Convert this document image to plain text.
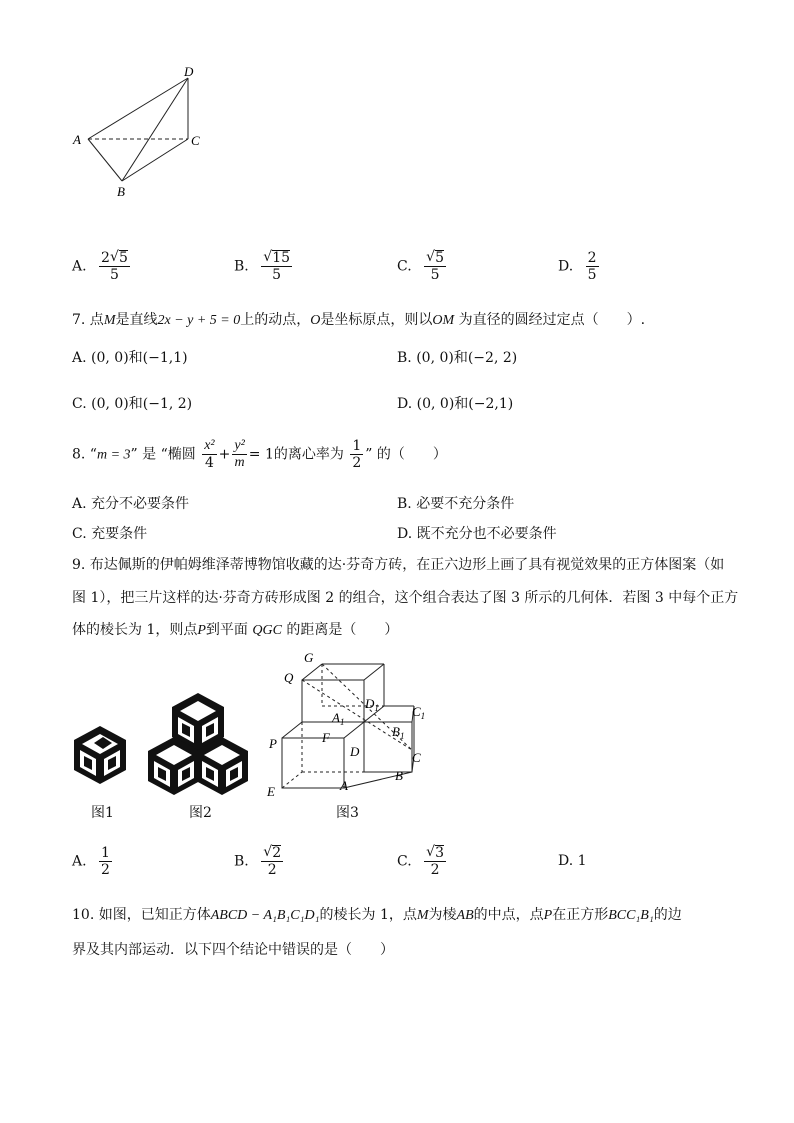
D
A	C
B
A. $\frac{2 √ 5}{5}$	B. √ $\frac{15}{5}$	C. √ $\frac{5}{5}$	D. $\frac{2}{5}$
7. 点M是直线2x − y + 5 = 0上的动点，O是坐标原点，则以OM 为直径的圆经过定点（　　）.
A. (0, 0)和(−1,1)	B. (0, 0)和(−2, 2)
C. (0, 0)和(−1, 2)	D. (0, 0)和(−2,1)
8. “m = 3” 是 “椭圆 $\frac{\text{x²}}{4} + \frac{\text{y²}}{m} = 1$的离心率为 $\frac{1}{2}$ ” 的（　　）
A. 充分不必要条件	B. 必要不充分条件
C. 充要条件	D. 既不充分也不必要条件
9. 布达佩斯的伊帕姆维泽蒂博物馆收藏的达·芬奇方砖，在正六边形上画了具有视觉效果的正方体图案（如
图 1），把三片这样的达·芬奇方砖形成图 2 的组合，这个组合表达了图 3 所示的几何体．若图 3 中每个正方
体的棱长为 1，则点P到平面 QGC 的距离是（　　）
G
Q
$D_1$	$C_1$
$A_1$
$B_1$
P	F
D	C
E	A
B
图1	图2	图3
A. $\frac{1}{2}$	B. √ $\frac{2}{2}$	C. √ $\frac{3}{2}$	D. 1
10. 如图，已知正方体ABCD − A₁B₁C₁D₁的棱长为 1，点M为棱AB的中点，点P在正方形BCC₁B₁的边
界及其内部运动．以下四个结论中错误的是（　　）
